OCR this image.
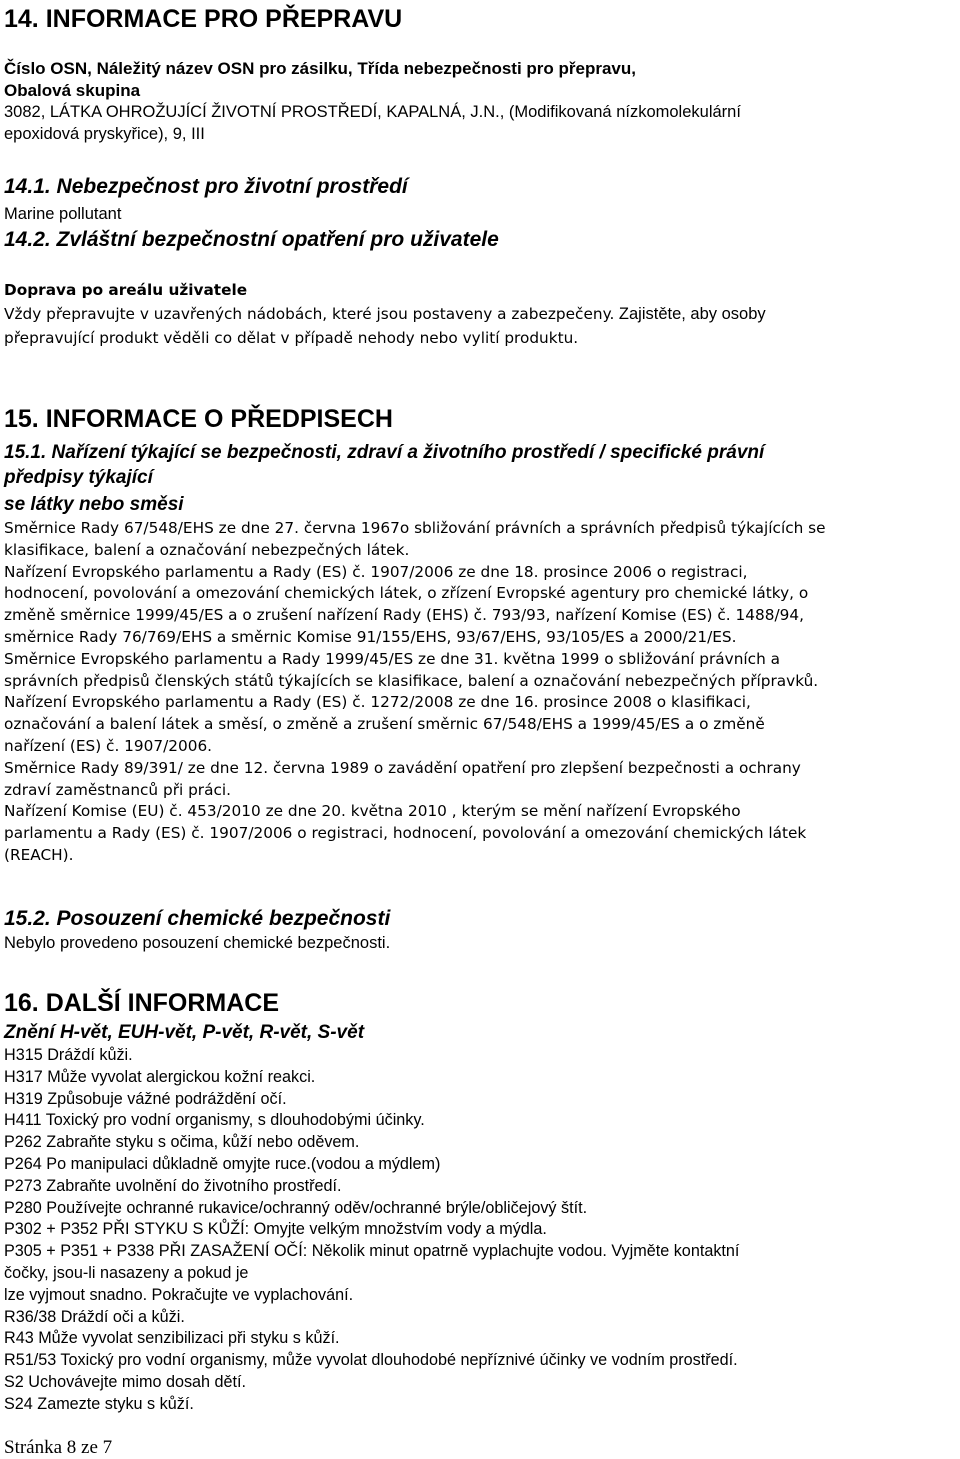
14. INFORMACE PRO PŘEPRAVU
Číslo OSN, Náležitý název OSN pro zásilku, Třída nebezpečnosti pro přepravu,
Obalová skupina
3082, LÁTKA OHROŽUJÍCÍ ŽIVOTNÍ PROSTŘEDÍ, KAPALNÁ, J.N., (Modifikovaná nízkomolekulární
epoxidová pryskyřice), 9, III
14.1. Nebezpečnost pro životní prostředí
Marine pollutant
14.2. Zvláštní bezpečnostní opatření pro uživatele
Doprava po areálu uživatele
Vždy přepravujte v uzavřených nádobách, které jsou postaveny a zabezpečeny. Zajistěte, aby osoby
přepravující produkt věděli co dělat v případě nehody nebo vylití produktu.
15. INFORMACE O PŘEDPISECH
15.1. Nařízení týkající se bezpečnosti, zdraví a životního prostředí / specifické právní
předpisy týkající
se látky nebo směsi
Směrnice Rady 67/548/EHS ze dne 27. června 1967o sbližování právních a správních předpisů týkajících se
klasifikace, balení a označování nebezpečných látek.
Nařízení Evropského parlamentu a Rady (ES) č. 1907/2006 ze dne 18. prosince 2006 o registraci,
hodnocení, povolování a omezování chemických látek, o zřízení Evropské agentury pro chemické látky, o
změně směrnice 1999/45/ES a o zrušení nařízení Rady (EHS) č. 793/93, nařízení Komise (ES) č. 1488/94,
směrnice Rady 76/769/EHS a směrnic Komise 91/155/EHS, 93/67/EHS, 93/105/ES a 2000/21/ES.
Směrnice Evropského parlamentu a Rady 1999/45/ES ze dne 31. května 1999 o sbližování právních a
správních předpisů členských států týkajících se klasifikace, balení a označování nebezpečných přípravků.
Nařízení Evropského parlamentu a Rady (ES) č. 1272/2008 ze dne 16. prosince 2008 o klasifikaci,
označování a balení látek a směsí, o změně a zrušení směrnic 67/548/EHS a 1999/45/ES a o změně
nařízení (ES) č. 1907/2006.
Směrnice Rady 89/391/ ze dne 12. června 1989 o zavádění opatření pro zlepšení bezpečnosti a ochrany
zdraví zaměstnanců při práci.
Nařízení Komise (EU) č. 453/2010 ze dne 20. května 2010 , kterým se mění nařízení Evropského
parlamentu a Rady (ES) č. 1907/2006 o registraci, hodnocení, povolování a omezování chemických látek
(REACH).
15.2. Posouzení chemické bezpečnosti
Nebylo provedeno posouzení chemické bezpečnosti.
16. DALŠÍ INFORMACE
Znění H-vět, EUH-vět, P-vět, R-vět, S-vět
H315 Dráždí kůži.
H317 Může vyvolat alergickou kožní reakci.
H319 Způsobuje vážné podráždění očí.
H411 Toxický pro vodní organismy, s dlouhodobými účinky.
P262 Zabraňte styku s očima, kůží nebo oděvem.
P264 Po manipulaci důkladně omyjte ruce.(vodou a mýdlem)
P273 Zabraňte uvolnění do životního prostředí.
P280 Používejte ochranné rukavice/ochranný oděv/ochranné brýle/obličejový štít.
P302 + P352 PŘI STYKU S KŮŽÍ: Omyjte velkým množstvím vody a mýdla.
P305 + P351 + P338 PŘI ZASAŽENÍ OČÍ: Několik minut opatrně vyplachujte vodou. Vyjměte kontaktní
čočky, jsou-li nasazeny a pokud je
lze vyjmout snadno. Pokračujte ve vyplachování.
R36/38 Dráždí oči a kůži.
R43 Může vyvolat senzibilizaci při styku s kůží.
R51/53 Toxický pro vodní organismy, může vyvolat dlouhodobé nepříznivé účinky ve vodním prostředí.
S2 Uchovávejte mimo dosah dětí.
S24 Zamezte styku s kůží.
Stránka 8 ze 7
